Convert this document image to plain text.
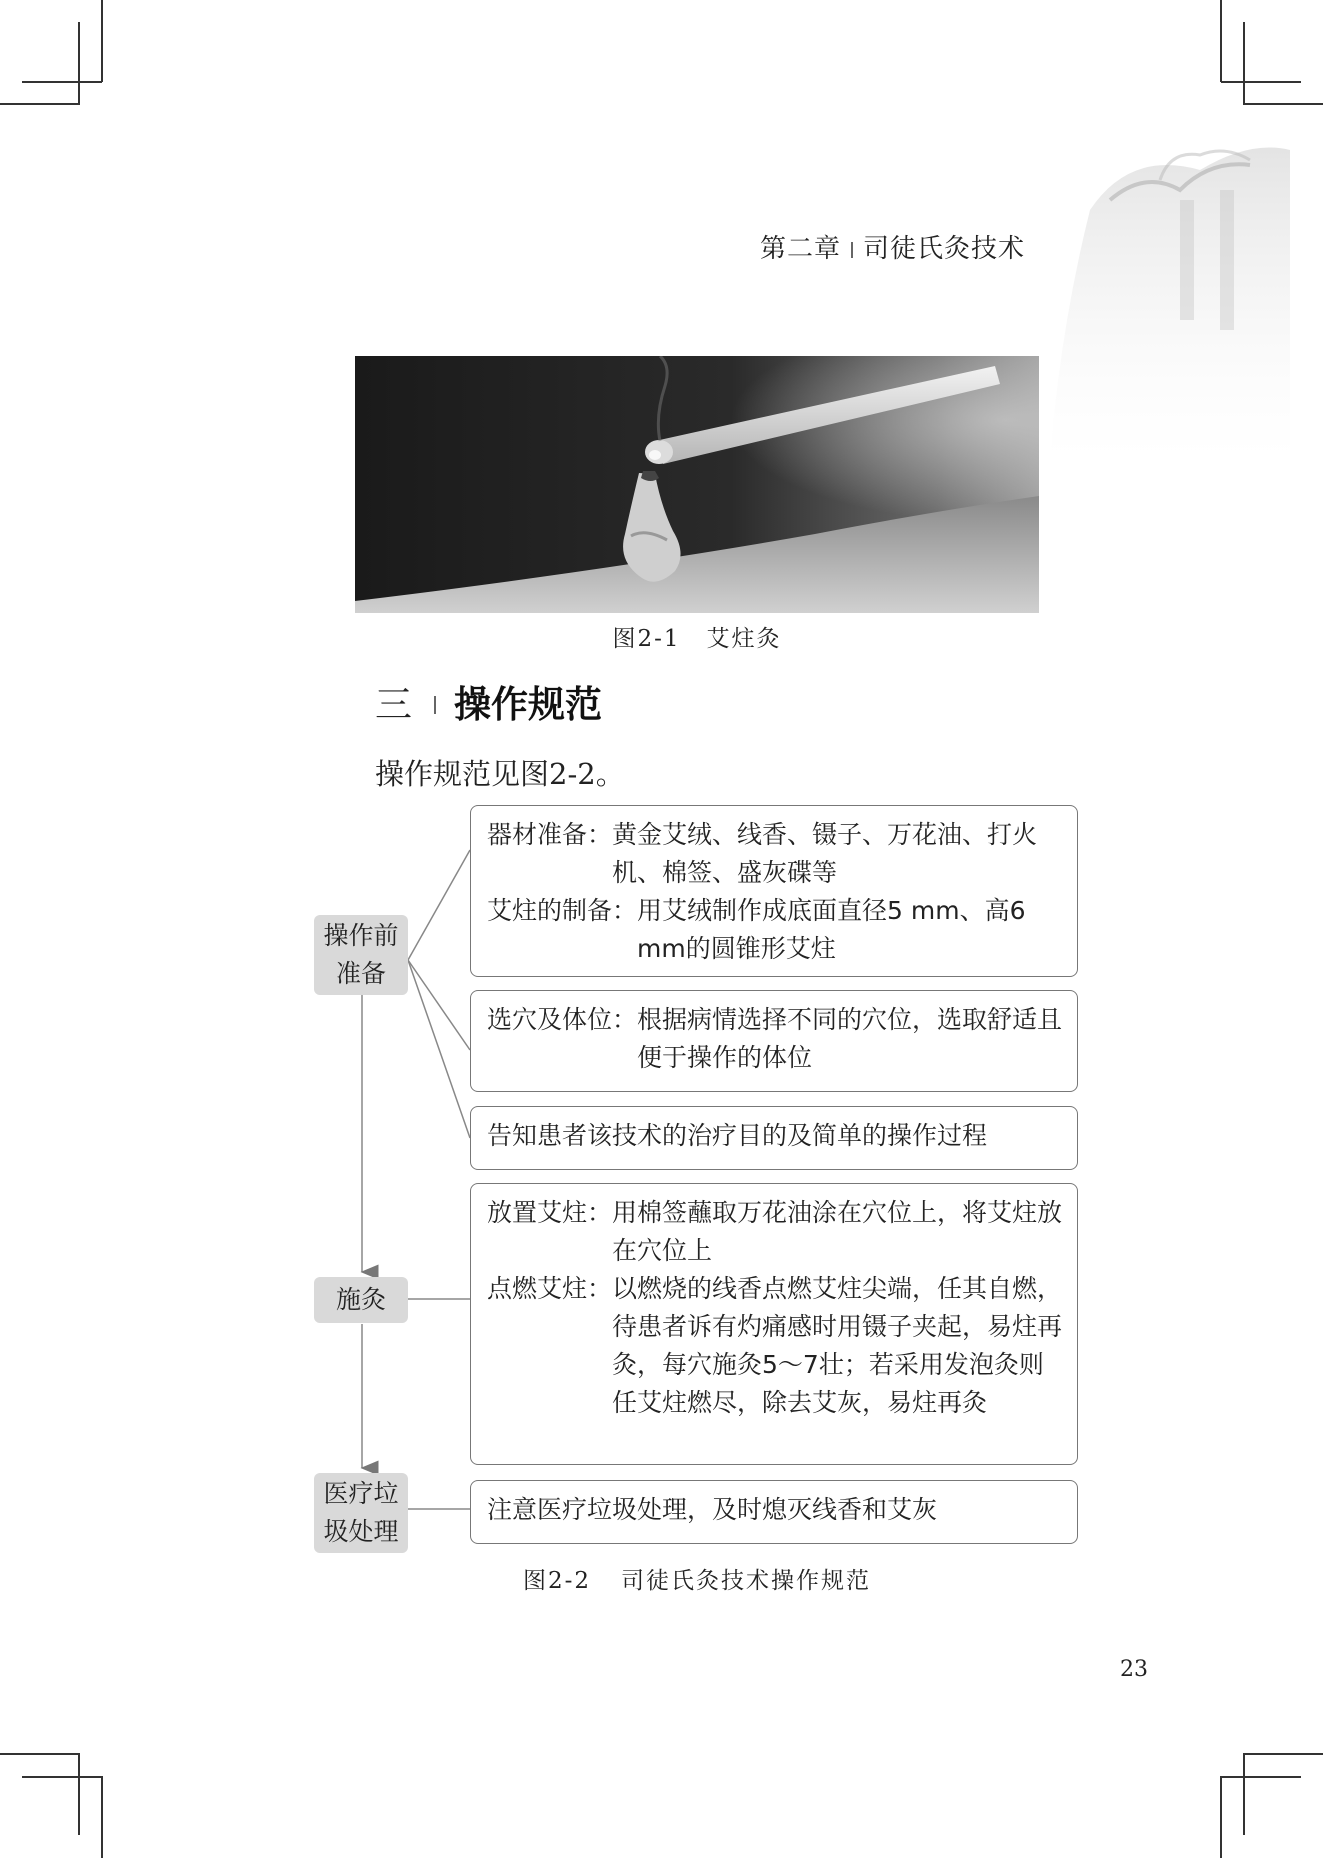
第二章 司徒氏灸技术
图2-1 艾炷灸
三 操作规范
操作规范见图2-2。
操作前准备
施灸
医疗垃圾处理
器材准备： 黄金艾绒、线香、镊子、万花油、打火机、棉签、盛灰碟等
艾炷的制备： 用艾绒制作成底面直径5 mm、高6 mm的圆锥形艾炷
选穴及体位： 根据病情选择不同的穴位，选取舒适且便于操作的体位
告知患者该技术的治疗目的及简单的操作过程
放置艾炷： 用棉签蘸取万花油涂在穴位上，将艾炷放在穴位上
点燃艾炷： 以燃烧的线香点燃艾炷尖端，任其自燃，待患者诉有灼痛感时用镊子夹起，易炷再灸，每穴施灸5～7壮；若采用发泡灸则任艾炷燃尽，除去艾灰，易炷再灸
注意医疗垃圾处理，及时熄灭线香和艾灰
图2-2 司徒氏灸技术操作规范
23
